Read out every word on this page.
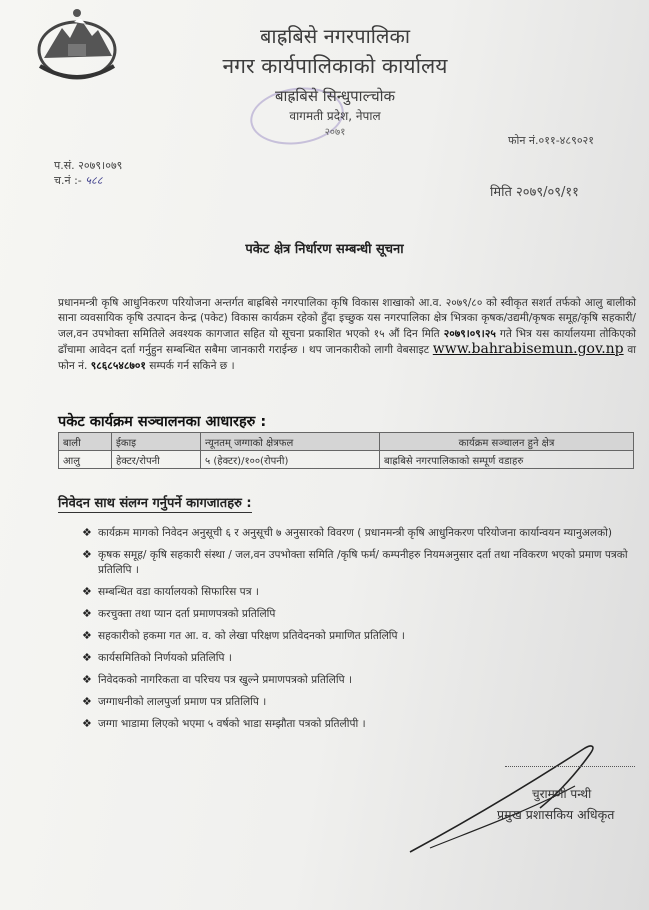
बाह्रबिसे नगरपालिका
नगर कार्यपालिकाको कार्यालय
बाह्रबिसे सिन्धुपाल्चोक
वागमती प्रदेश, नेपाल
२०७१
फोन नं.०११-४८९०२१
प.सं. २०७९।०७९
च.नं :- ५८८
मिति २०७९/०९/११
पकेट क्षेत्र निर्धारण सम्बन्धी सूचना
प्रधानमन्त्री कृषि आधुनिकरण परियोजना अन्तर्गत बाह्रबिसे नगरपालिका कृषि विकास शाखाको आ.व. २०७९/८० को स्वीकृत सशर्त तर्फको आलु बालीको साना व्यवसायिक कृषि उत्पादन केन्द्र (पकेट) विकास कार्यक्रम रहेको हुँदा इच्छुक यस नगरपालिका क्षेत्र भित्रका कृषक/उद्यमी/कृषक समूह/कृषि सहकारी/जल,वन उपभोक्ता समितिले अवश्यक कागजात सहित यो सूचना प्रकाशित भएको १५ औं दिन मिति २०७९।०९।२५ गते भित्र यस कार्यालयमा तोकिएको ढाँचामा आवेदन दर्ता गर्नुहुन सम्बन्धित सबैमा जानकारी गराईन्छ । थप जानकारीको लागी वेबसाइट www.bahrabisemun.gov.np वा फोन नं. ९८६८५४८७०१ सम्पर्क गर्न सकिने छ ।
पकेट कार्यक्रम सञ्चालनका आधारहरु :
बाली	ईकाइ	न्यूनतम् जग्गाको क्षेत्रफल	कार्यक्रम सञ्चालन हुने क्षेत्र
आलु	हेक्टर/रोपनी	५ (हेक्टर)/१००(रोपनी)	बाह्रबिसे नगरपालिकाको सम्पूर्ण वडाहरु
निवेदन साथ संलग्न गर्नुपर्ने कागजातहरु :
❖ कार्यक्रम मागको निवेदन अनुसूची ६ र अनुसूची ७ अनुसारको विवरण ( प्रधानमन्त्री कृषि आधुनिकरण परियोजना कार्यान्वयन म्यानुअलको)
❖ कृषक समूह/ कृषि सहकारी संस्था / जल,वन उपभोक्ता समिति /कृषि फर्म/ कम्पनीहरु नियमअनुसार दर्ता तथा नविकरण भएको प्रमाण पत्रको प्रतिलिपि ।
❖ सम्बन्धित वडा कार्यालयको सिफारिस पत्र ।
❖ करचुक्ता तथा प्यान दर्ता प्रमाणपत्रको प्रतिलिपि
❖ सहकारीको हकमा गत आ. व. को लेखा परिक्षण प्रतिवेदनको प्रमाणित प्रतिलिपि ।
❖ कार्यसमितिको निर्णयको प्रतिलिपि ।
❖ निवेदकको नागरिकता वा परिचय पत्र खुल्ने प्रमाणपत्रको प्रतिलिपि ।
❖ जग्गाधनीको लालपुर्जा प्रमाण पत्र प्रतिलिपि ।
❖ जग्गा भाडामा लिएको भएमा ५ वर्षको भाडा सम्झौता पत्रको प्रतिलीपी ।
चुरामणी पन्थी
प्रमुख प्रशासकिय अधिकृत
